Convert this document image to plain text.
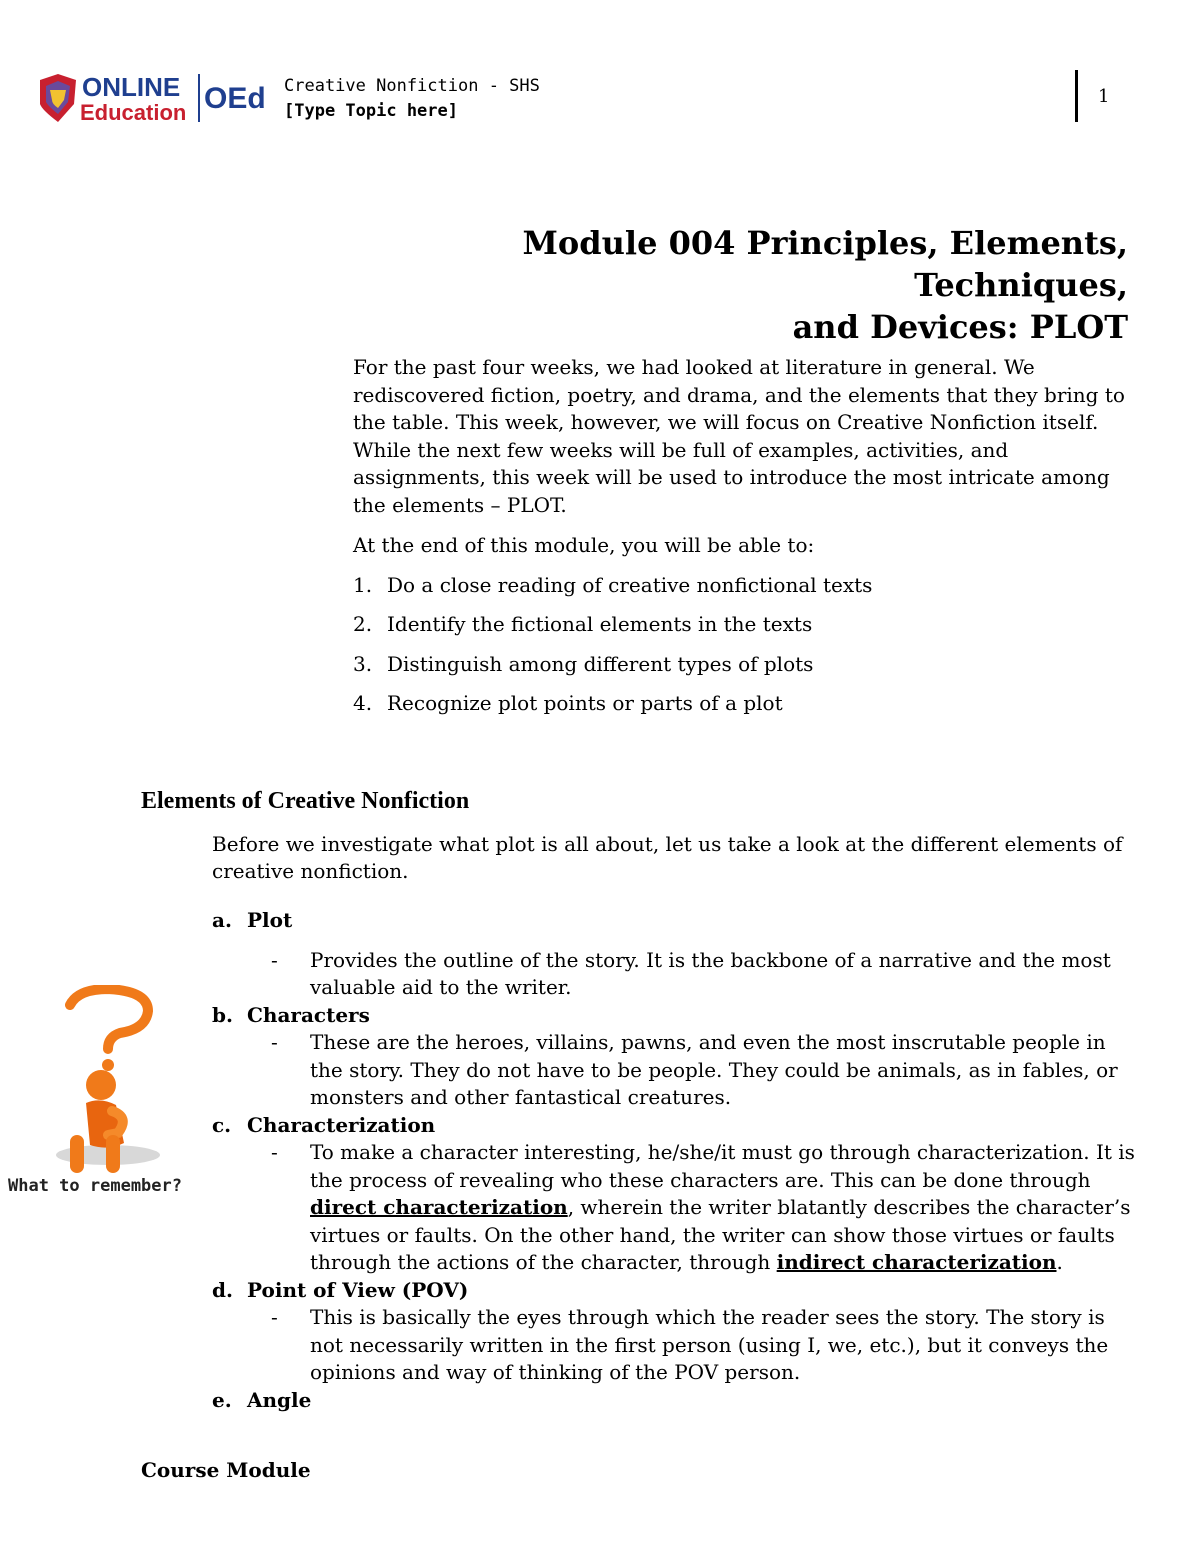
ONLINE
Education OEd Creative Nonfiction - SHS
[Type Topic here]
1
Module 004 Principles, Elements, Techniques,
and Devices: PLOT

For the past four weeks, we had looked at literature in general. We rediscovered fiction, poetry, and drama, and the elements that they bring to the table. This week, however, we will focus on Creative Nonfiction itself. While the next few weeks will be full of examples, activities, and assignments, this week will be used to introduce the most intricate among the elements – PLOT.

At the end of this module, you will be able to:

1. Do a close reading of creative nonfictional texts
2. Identify the fictional elements in the texts
3. Distinguish among different types of plots
4. Recognize plot points or parts of a plot
Elements of Creative Nonfiction

Before we investigate what plot is all about, let us take a look at the different elements of creative nonfiction.

a. Plot
-	Provides the outline of the story. It is the backbone of a narrative and the most valuable aid to the writer.
b. Characters
-	These are the heroes, villains, pawns, and even the most inscrutable people in the story. They do not have to be people. They could be animals, as in fables, or monsters and other fantastical creatures.
c. Characterization
-	To make a character interesting, he/she/it must go through characterization. It is the process of revealing who these characters are. This can be done through direct characterization, wherein the writer blatantly describes the character’s virtues or faults. On the other hand, the writer can show those virtues or faults through the actions of the character, through indirect characterization.
d. Point of View (POV)
-	This is basically the eyes through which the reader sees the story. The story is not necessarily written in the first person (using I, we, etc.), but it conveys the opinions and way of thinking of the POV person.
e. Angle
What to remember?
Course Module
